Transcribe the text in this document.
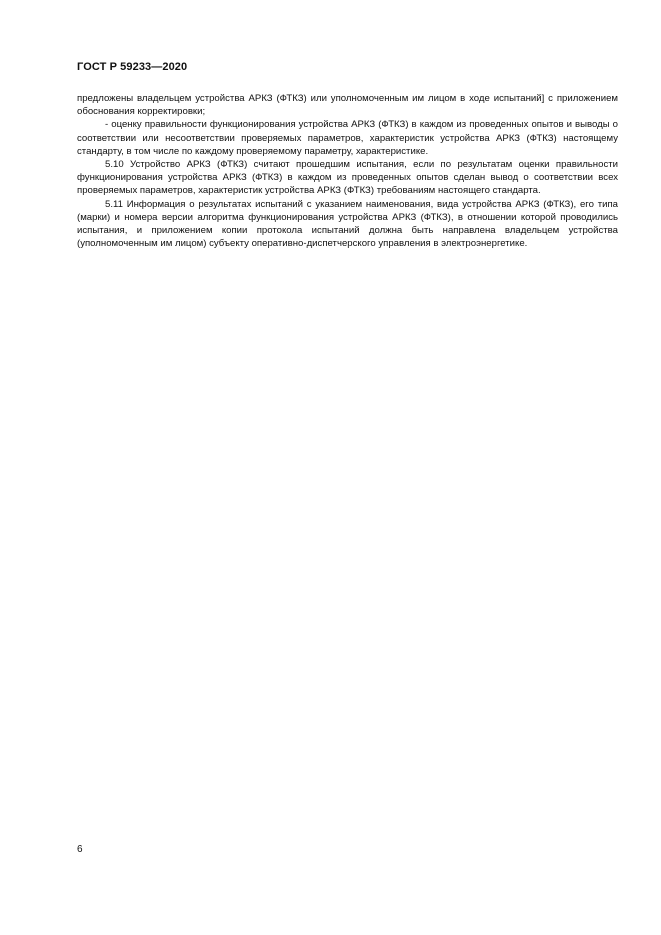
ГОСТ Р 59233—2020

предложены владельцем устройства АРКЗ (ФТКЗ) или уполномоченным им лицом в ходе испытаний] с приложением обоснования корректировки;

- оценку правильности функционирования устройства АРКЗ (ФТКЗ) в каждом из проведенных опытов и выводы о соответствии или несоответствии проверяемых параметров, характеристик устройства АРКЗ (ФТКЗ) настоящему стандарту, в том числе по каждому проверяемому параметру, характеристике.

5.10 Устройство АРКЗ (ФТКЗ) считают прошедшим испытания, если по результатам оценки правильности функционирования устройства АРКЗ (ФТКЗ) в каждом из проведенных опытов сделан вывод о соответствии всех проверяемых параметров, характеристик устройства АРКЗ (ФТКЗ) требованиям настоящего стандарта.

5.11 Информация о результатах испытаний с указанием наименования, вида устройства АРКЗ (ФТКЗ), его типа (марки) и номера версии алгоритма функционирования устройства АРКЗ (ФТКЗ), в отношении которой проводились испытания, и приложением копии протокола испытаний должна быть направлена владельцем устройства (уполномоченным им лицом) субъекту оперативно-диспетчерского управления в электроэнергетике.

6
